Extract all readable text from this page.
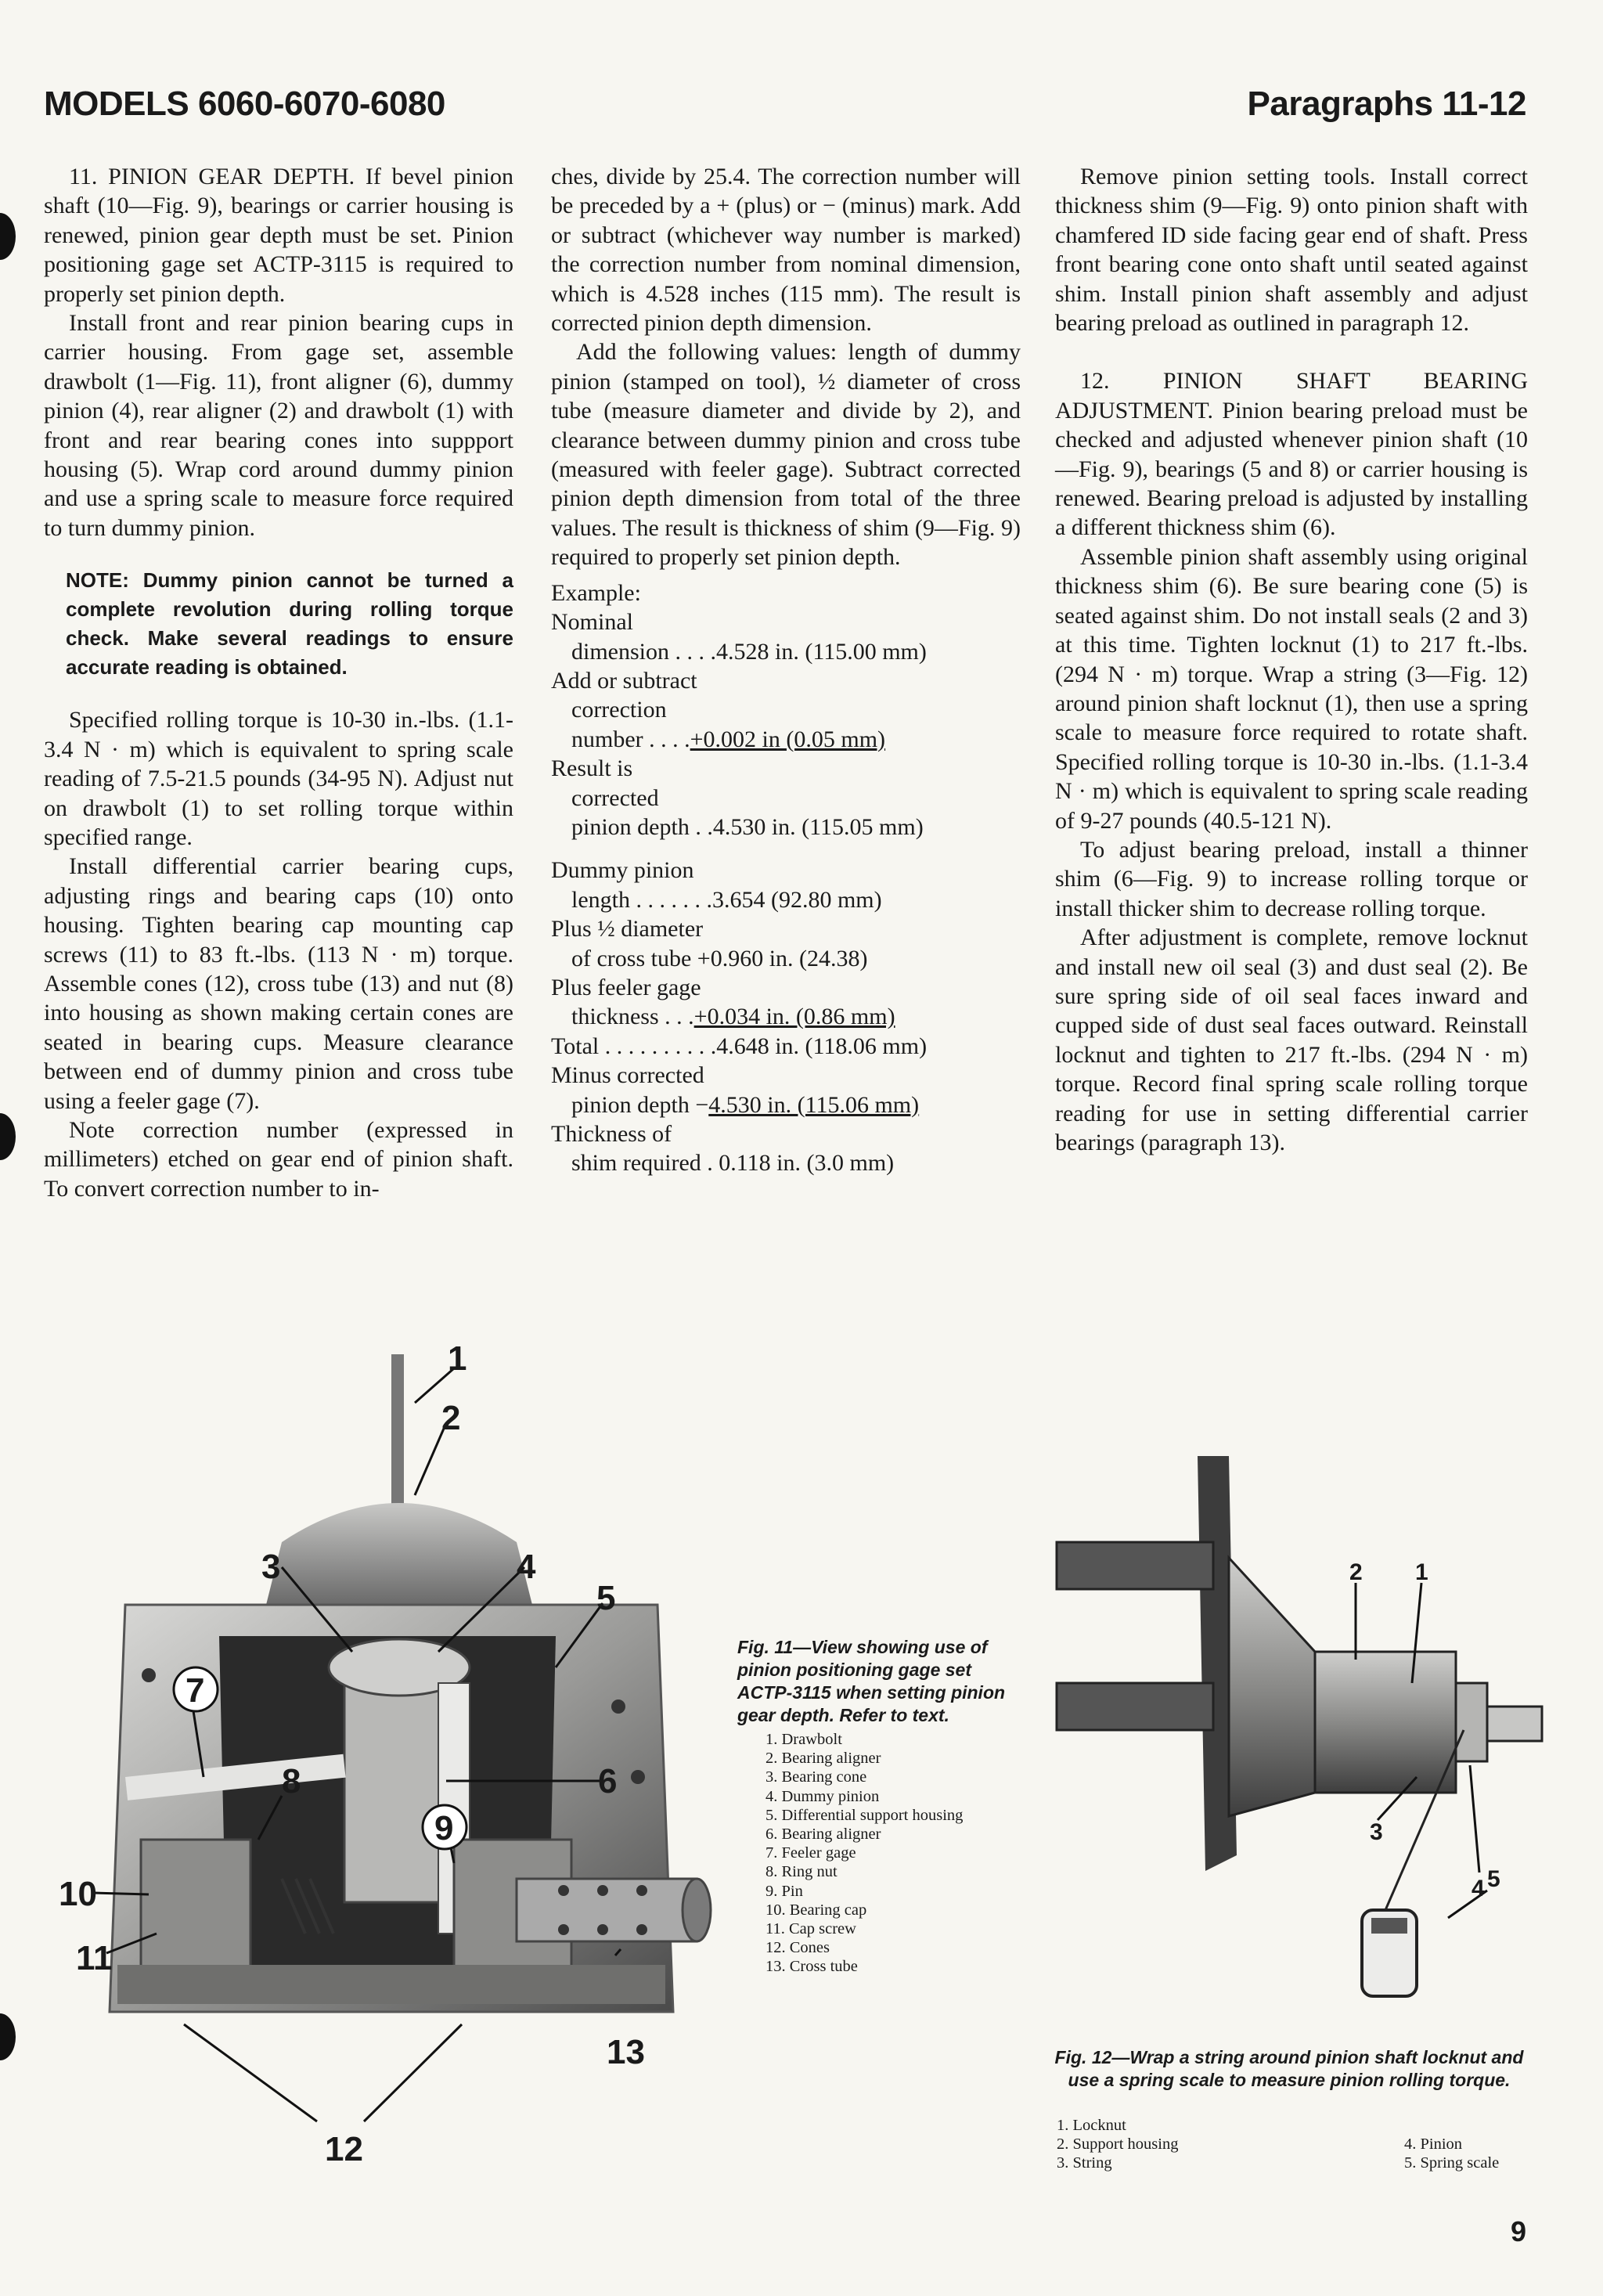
MODELS 6060-6070-6080	Paragraphs 11-12

11. PINION GEAR DEPTH. If bevel pinion shaft (10—Fig. 9), bearings or carrier housing is renewed, pinion gear depth must be set. Pinion positioning gage set ACTP-3115 is required to properly set pinion depth.

Install front and rear pinion bearing cups in carrier housing. From gage set, assemble drawbolt (1—Fig. 11), front aligner (6), dummy pinion (4), rear aligner (2) and drawbolt (1) with front and rear bearing cones into suppport housing (5). Wrap cord around dummy pinion and use a spring scale to measure force required to turn dummy pinion.

NOTE: Dummy pinion cannot be turned a complete revolution during rolling torque check. Make several readings to ensure accurate reading is obtained.

Specified rolling torque is 10-30 in.-lbs. (1.1-3.4 N · m) which is equivalent to spring scale reading of 7.5-21.5 pounds (34-95 N). Adjust nut on drawbolt (1) to set rolling torque within specified range.

Install differential carrier bearing cups, adjusting rings and bearing caps (10) onto housing. Tighten bearing cap mounting cap screws (11) to 83 ft.-lbs. (113 N · m) torque. Assemble cones (12), cross tube (13) and nut (8) into housing as shown making certain cones are seated in bearing cups. Measure clearance between end of dummy pinion and cross tube using a feeler gage (7).

Note correction number (expressed in millimeters) etched on gear end of pinion shaft. To convert correction number to in-

ches, divide by 25.4. The correction number will be preceded by a + (plus) or − (minus) mark. Add or subtract (whichever way number is marked) the correction number from nominal dimension, which is 4.528 inches (115 mm). The result is corrected pinion depth dimension.

Add the following values: length of dummy pinion (stamped on tool), ½ diameter of cross tube (measure diameter and divide by 2), and clearance between dummy pinion and cross tube (measured with feeler gage). Subtract corrected pinion depth dimension from total of the three values. The result is thickness of shim (9—Fig. 9) required to properly set pinion depth.

Example:
Nominal
dimension . . . .4.528 in. (115.00 mm)
Add or subtract
correction
number . . . .+0.002 in (0.05 mm)
Result is
corrected
pinion depth . .4.530 in. (115.05 mm)
Dummy pinion
length . . . . . . .3.654 (92.80 mm)
Plus ½ diameter
of cross tube +0.960 in. (24.38)
Plus feeler gage
thickness . . .+0.034 in. (0.86 mm)
Total . . . . . . . . . .4.648 in. (118.06 mm)
Minus corrected
pinion depth −4.530 in. (115.06 mm)
Thickness of
shim required . 0.118 in. (3.0 mm)

Remove pinion setting tools. Install correct thickness shim (9—Fig. 9) onto pinion shaft with chamfered ID side facing gear end of shaft. Press front bearing cone onto shaft until seated against shim. Install pinion shaft assembly and adjust bearing preload as outlined in paragraph 12.

12. PINION SHAFT BEARING ADJUSTMENT. Pinion bearing preload must be checked and adjusted whenever pinion shaft (10—Fig. 9), bearings (5 and 8) or carrier housing is renewed. Bearing preload is adjusted by installing a different thickness shim (6).

Assemble pinion shaft assembly using original thickness shim (6). Be sure bearing cone (5) is seated against shim. Do not install seals (2 and 3) at this time. Tighten locknut (1) to 217 ft.-lbs. (294 N · m) torque. Wrap a string (3—Fig. 12) around pinion shaft locknut (1), then use a spring scale to measure force required to rotate shaft. Specified rolling torque is 10-30 in.-lbs. (1.1-3.4 N · m) which is equivalent to spring scale reading of 9-27 pounds (40.5-121 N).

To adjust bearing preload, install a thinner shim (6—Fig. 9) to increase rolling torque or install thicker shim to decrease rolling torque.

After adjustment is complete, remove locknut and install new oil seal (3) and dust seal (2). Be sure spring side of oil seal faces inward and cupped side of dust seal faces outward. Reinstall locknut and tighten to 217 ft.-lbs. (294 N · m) torque. Record final spring scale rolling torque reading for use in setting differential carrier bearings (paragraph 13).

1
2
3	4
5
6
7
8
9
10
11
12
13
Fig. 11—View showing use of pinion positioning gage set ACTP-3115 when setting pinion gear depth. Refer to text.
1. Drawbolt
2. Bearing aligner
3. Bearing cone
4. Dummy pinion
5. Differential support housing
6. Bearing aligner
7. Feeler gage
8. Ring nut
9. Pin
10. Bearing cap
11. Cap screw
12. Cones
13. Cross tube
2 1
3
4 5
Fig. 12—Wrap a string around pinion shaft locknut and use a spring scale to measure pinion rolling torque.
1. Locknut
2. Support housing
3. String
4. Pinion
5. Spring scale
9
